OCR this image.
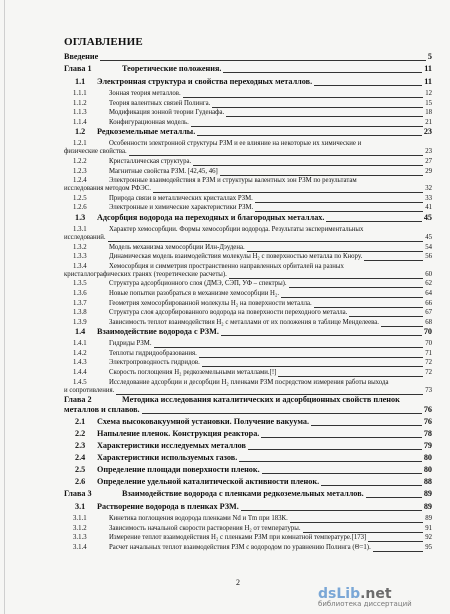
ОГЛАВЛЕНИЕ
Введение	5
Глава 1	Теоретические положения.	11
1.1 Электронная структура и свойства переходных металлов.	11
1.1.1	Зонная теория металлов.	12
1.1.2	Теория валентных связей Полинга.	15
1.1.3	Модификация зонной теории Гуденафа.	18
1.1.4	Конфигурационная модель.	21
1.2 Редкоземельные металлы.	23
1.2.1	Особенности электронной структуры РЗМ и ее влияние на некоторые их химические и
физические свойства.	23
1.2.2	Кристаллическая структура.	27
1.2.3	Магнитные свойства РЗМ. [42,45, 46]	29
1.2.4	Электронные взаимодействия в РЗМ и структуры валентных зон РЗМ по результатам
исследования методом РФЭС.	32
1.2.5	Природа связи в металлических кристаллах РЗМ.	33
1.2.6	Электронные и химические характеристики РЗМ.	41
1.3 Адсорбция водорода на переходных и благородных металлах.	45
1.3.1	Характер хемосорбции. Формы хемосорбции водорода. Результаты экспериментальных
исследований.	45
1.3.2	Модель механизма хемосорбции Илн-Дэудена.	54
1.3.3	Динамическая модель взаимодействия молекулы H₂ с поверхностью металла по Кнору.	56
1.3.4	Хемосорбция и симметрия пространственно направленных орбиталей на разных
кристаллографических гранях (теоретические расчеты).	60
1.3.5	Структура адсорбционного слоя (ДМЭ, СЭП, УФ – спектры).	62
1.3.6	Новые попытки разобраться в механизме хемосорбции H₂.	64
1.3.7	Геометрия хемосорбированной молекулы H₂ на поверхности металла.	66
1.3.8	Структура слоя адсорбированного водорода на поверхности переходного металла.	67
1.3.9	Зависимость теплот взаимодействия H₂ с металлами от их положения в таблице Менделеева.	68
1.4 Взаимодействие водорода с РЗМ.	70
1.4.1	Гидриды РЗМ.	70
1.4.2	Теплоты гидридообразования.	71
1.4.3	Электропроводность гидридов.	72
1.4.4	Скорость поглощения H₂ редкоземельными металлами.[!]	72
1.4.5	Исследование адсорбции и десорбции H₂ пленками РЗМ посредством измерения работы выхода
и сопротивления.	73
Глава 2	Методика исследования каталитических и адсорбционных свойств пленок
металлов и сплавов.	76
2.1 Схема высоковакуумной установки. Получение вакуума.	76
2.2 Напыление пленок. Конструкция реактора.	78
2.3 Характеристики исследуемых металлов	79
2.4 Характеристики используемых газов.	80
2.5 Определение площади поверхности пленок.	80
2.6 Определение удельной каталитической активности пленок.	88
Глава 3	Взаимодействие водорода с пленками редкоземельных металлов.	89
3.1 Растворение водорода в пленках РЗМ.	89
3.1.1	Кинетика поглощения водорода пленками Nd и Tm при 183К.	89
3.1.2	Зависимость начальной скорости растворения H₂ от температуры.	91
3.1.3	Измерение теплот взаимодействия H₂ с пленками РЗМ при комнатной температуре.[173]	92
3.1.4	Расчет начальных теплот взаимодействия РЗМ с водородом по уравнению Полинга (Θ=1).	95
2
dsLib.net
библиотека диссертаций
